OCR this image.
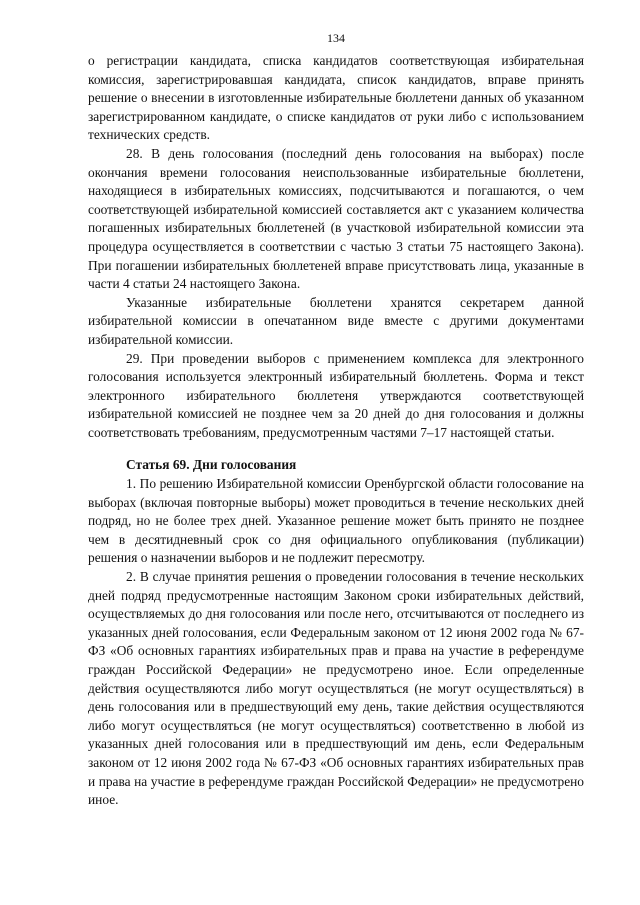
134

о регистрации кандидата, списка кандидатов соответствующая избирательная комиссия, зарегистрировавшая кандидата, список кандидатов, вправе принять решение о внесении в изготовленные избирательные бюллетени данных об указанном зарегистрированном кандидате, о списке кандидатов от руки либо с использованием технических средств.

28. В день голосования (последний день голосования на выборах) после окончания времени голосования неиспользованные избирательные бюллетени, находящиеся в избирательных комиссиях, подсчитываются и погашаются, о чем соответствующей избирательной комиссией составляется акт с указанием количества погашенных избирательных бюллетеней (в участковой избирательной комиссии эта процедура осуществляется в соответствии с частью 3 статьи 75 настоящего Закона). При погашении избирательных бюллетеней вправе присутствовать лица, указанные в части 4 статьи 24 настоящего Закона.

Указанные избирательные бюллетени хранятся секретарем данной избирательной комиссии в опечатанном виде вместе с другими документами избирательной комиссии.

29. При проведении выборов с применением комплекса для электронного голосования используется электронный избирательный бюллетень. Форма и текст электронного избирательного бюллетеня утверждаются соответствующей избирательной комиссией не позднее чем за 20 дней до дня голосования и должны соответствовать требованиям, предусмотренным частями 7–17 настоящей статьи.

Статья 69. Дни голосования

1. По решению Избирательной комиссии Оренбургской области голосование на выборах (включая повторные выборы) может проводиться в течение нескольких дней подряд, но не более трех дней. Указанное решение может быть принято не позднее чем в десятидневный срок со дня официального опубликования (публикации) решения о назначении выборов и не подлежит пересмотру.

2. В случае принятия решения о проведении голосования в течение нескольких дней подряд предусмотренные настоящим Законом сроки избирательных действий, осуществляемых до дня голосования или после него, отсчитываются от последнего из указанных дней голосования, если Федеральным законом от 12 июня 2002 года № 67-ФЗ «Об основных гарантиях избирательных прав и права на участие в референдуме граждан Российской Федерации» не предусмотрено иное. Если определенные действия осуществляются либо могут осуществляться (не могут осуществляться) в день голосования или в предшествующий ему день, такие действия осуществляются либо могут осуществляться (не могут осуществляться) соответственно в любой из указанных дней голосования или в предшествующий им день, если Федеральным законом от 12 июня 2002 года № 67-ФЗ «Об основных гарантиях избирательных прав и права на участие в референдуме граждан Российской Федерации» не предусмотрено иное.
